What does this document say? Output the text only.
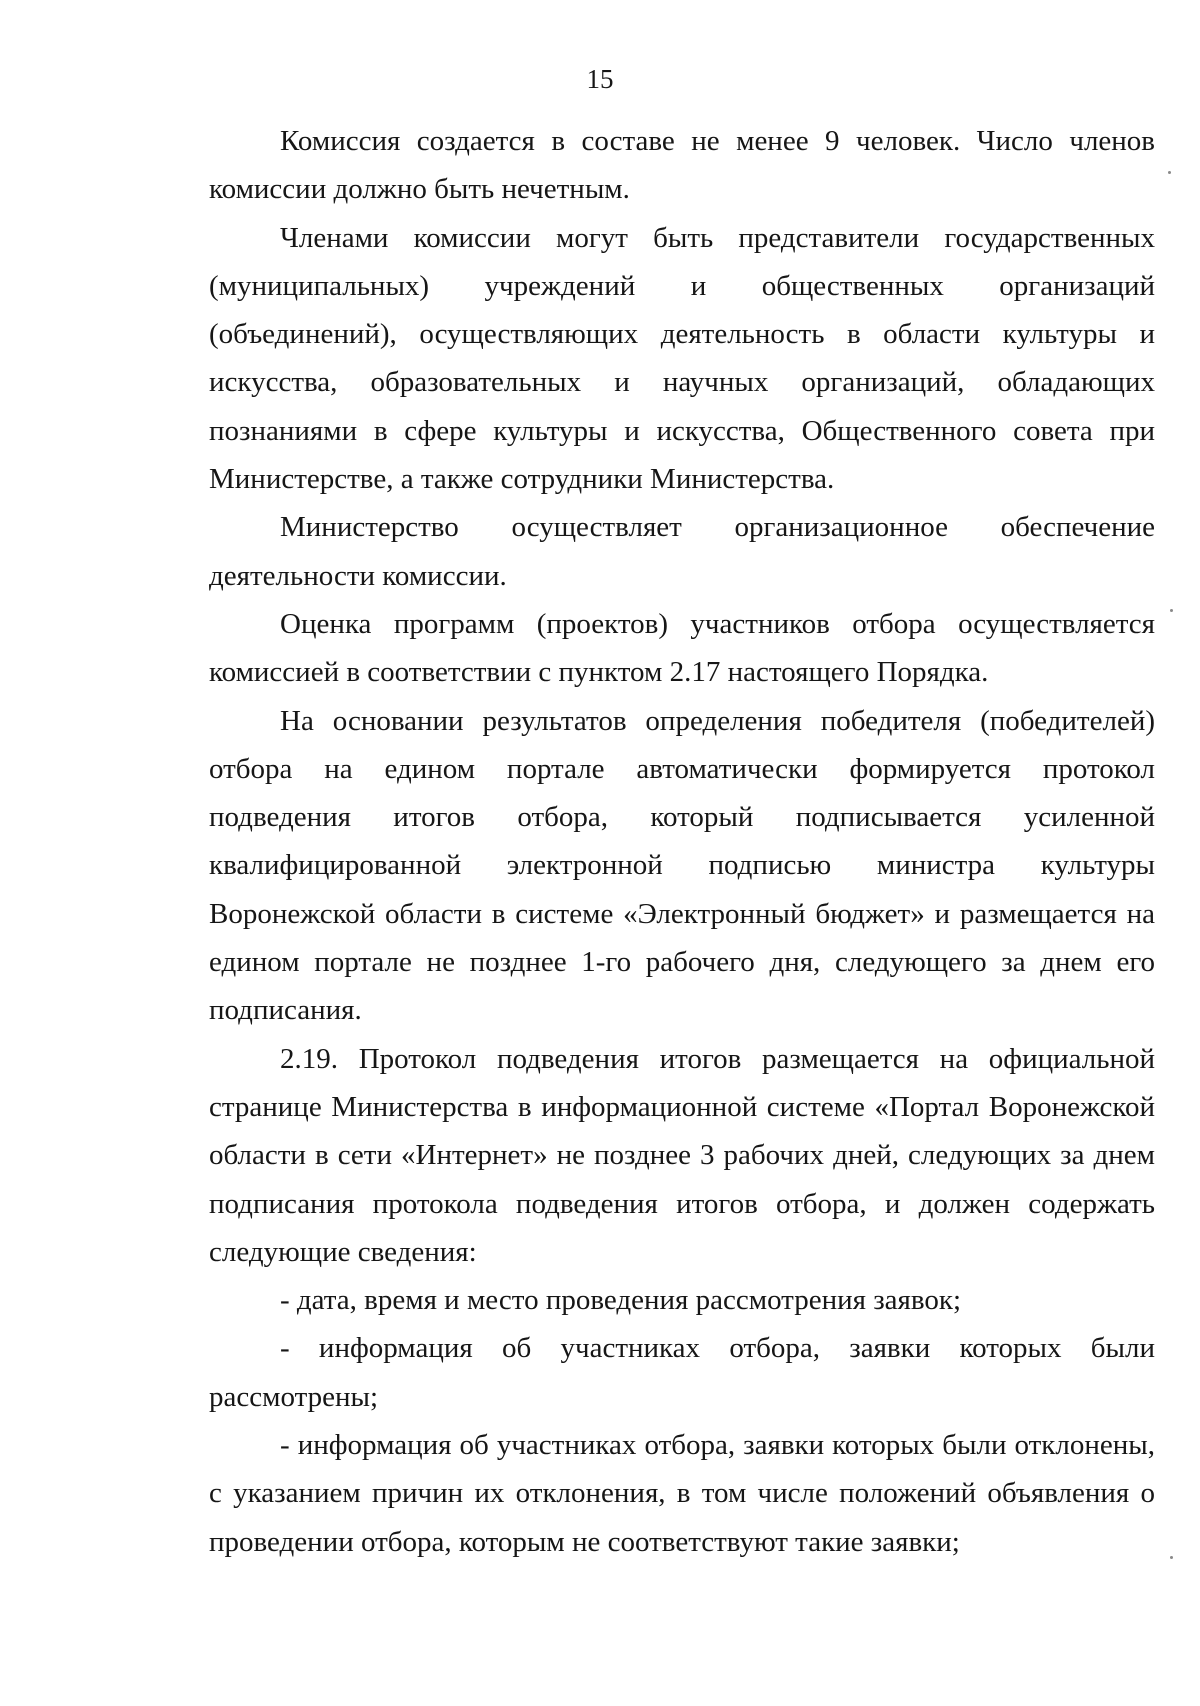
15

Комиссия создается в составе не менее 9 человек. Число членов комиссии должно быть нечетным.

Членами комиссии могут быть представители государственных (муниципальных) учреждений и общественных организаций (объединений), осуществляющих деятельность в области культуры и искусства, образовательных и научных организаций, обладающих познаниями в сфере культуры и искусства, Общественного совета при Министерстве, а также сотрудники Министерства.

Министерство осуществляет организационное обеспечение деятельности комиссии.

Оценка программ (проектов) участников отбора осуществляется комиссией в соответствии с пунктом 2.17 настоящего Порядка.

На основании результатов определения победителя (победителей) отбора на едином портале автоматически формируется протокол подведения итогов отбора, который подписывается усиленной квалифицированной электронной подписью министра культуры Воронежской области в системе «Электронный бюджет» и размещается на едином портале не позднее 1-го рабочего дня, следующего за днем его подписания.

2.19. Протокол подведения итогов размещается на официальной странице Министерства в информационной системе «Портал Воронежской области в сети «Интернет» не позднее 3 рабочих дней, следующих за днем подписания протокола подведения итогов отбора, и должен содержать следующие сведения:

- дата, время и место проведения рассмотрения заявок;

- информация об участниках отбора, заявки которых были рассмотрены;

- информация об участниках отбора, заявки которых были отклонены, с указанием причин их отклонения, в том числе положений объявления о проведении отбора, которым не соответствуют такие заявки;
